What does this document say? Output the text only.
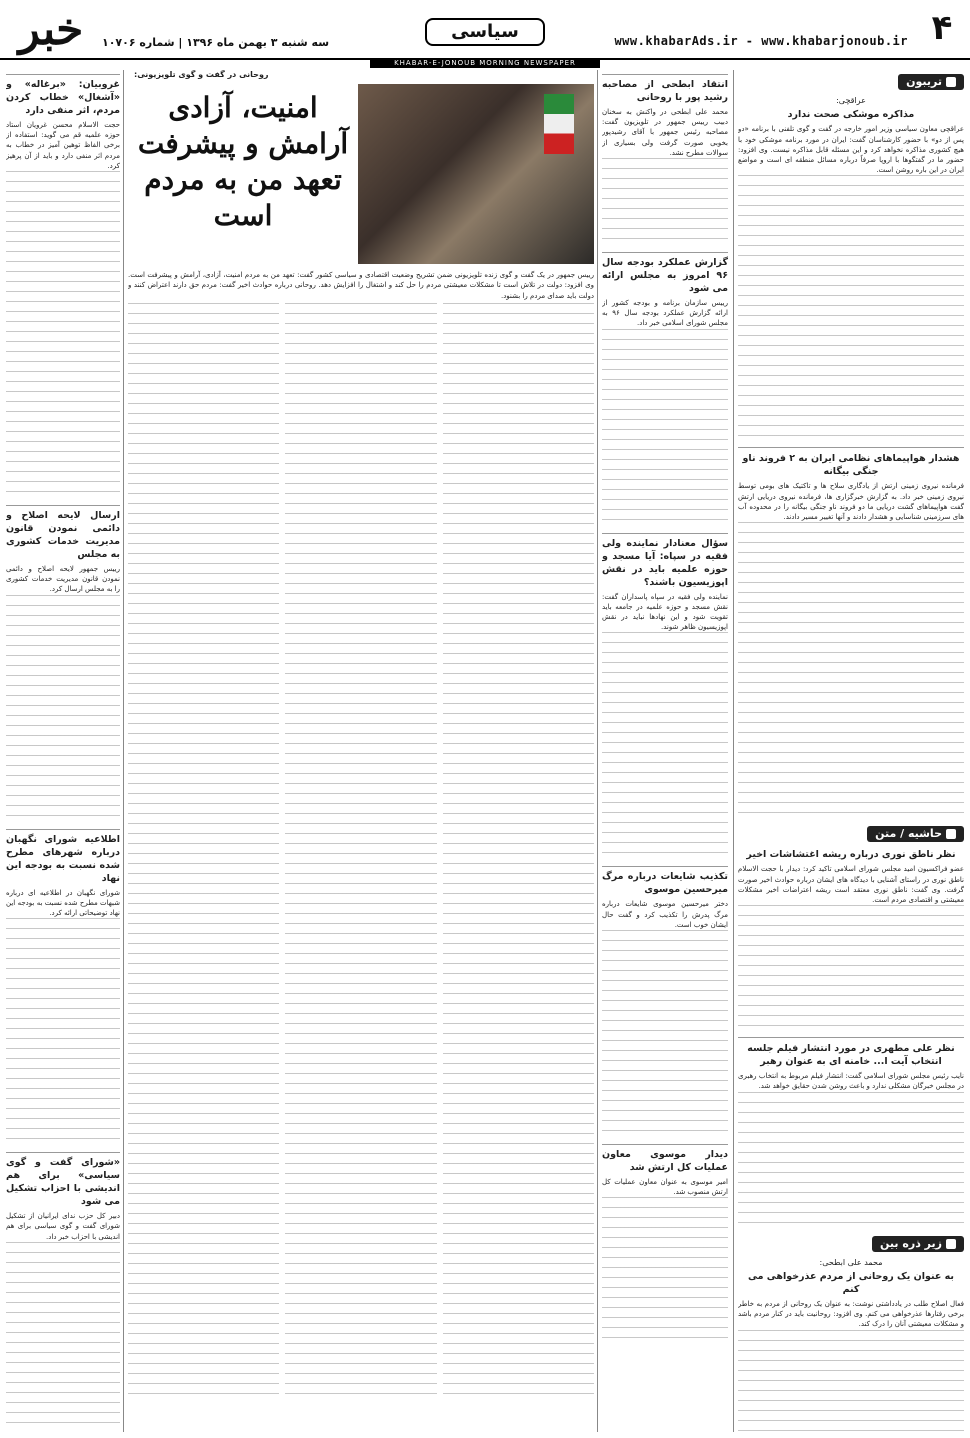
۴
www.khabarAds.ir - www.khabarjonoub.ir
سیاسی
سه شنبه ۳ بهمن ماه ۱۳۹۶ | شماره ۱۰۷۰۶
خبر
KHABAR-E-JONOUB MORNING NEWSPAPER
تریبون
عراقچی:
مذاکره موشکی صحت ندارد
عراقچی معاون سیاسی وزیر امور خارجه در گفت و گوی تلفنی با برنامه «دو پس از دو» با حضور کارشناسان گفت: ایران در مورد برنامه موشکی خود با هیچ کشوری مذاکره نخواهد کرد و این مسئله قابل مذاکره نیست. وی افزود: حضور ما در گفتگوها با اروپا صرفاً درباره مسائل منطقه ای است و مواضع ایران در این باره روشن است.
هشدار هواپیماهای نظامی ایران به ۲ فروند ناو جنگی بیگانه
فرمانده نیروی زمینی ارتش از یادگاری سلاح ها و تاکتیک های بومی توسط نیروی زمینی خبر داد. به گزارش خبرگزاری ها، فرمانده نیروی دریایی ارتش گفت هواپیماهای گشت دریایی ما دو فروند ناو جنگی بیگانه را در محدوده آب های سرزمینی شناسایی و هشدار دادند و آنها تغییر مسیر دادند.
حاشیه / متن
نظر ناطق نوری درباره ریشه اغتشاشات اخیر
عضو فراکسیون امید مجلس شورای اسلامی تاکید کرد: دیدار با حجت الاسلام ناطق نوری در راستای آشنایی با دیدگاه های ایشان درباره حوادث اخیر صورت گرفت. وی گفت: ناطق نوری معتقد است ریشه اعتراضات اخیر مشکلات معیشتی و اقتصادی مردم است.
نظر علی مطهری در مورد انتشار فیلم جلسه انتخاب آیت ا... خامنه ای به عنوان رهبر
نایب رئیس مجلس شورای اسلامی گفت: انتشار فیلم مربوط به انتخاب رهبری در مجلس خبرگان مشکلی ندارد و باعث روشن شدن حقایق خواهد شد.
زیر ذره بین
محمد علی ابطحی:
به عنوان یک روحانی از مردم عذرخواهی می کنم
فعال اصلاح طلب در یادداشتی نوشت: به عنوان یک روحانی از مردم به خاطر برخی رفتارها عذرخواهی می کنم. وی افزود: روحانیت باید در کنار مردم باشد و مشکلات معیشتی آنان را درک کند.
انتقاد ابطحی از مصاحبه رشید پور با روحانی
محمد علی ابطحی در واکنش به سخنان دبیب رییس جمهور در تلویزیون گفت: مصاحبه رئیس جمهور با آقای رشیدپور بخوبی صورت گرفت ولی بسیاری از سوالات مطرح نشد.
گزارش عملکرد بودجه سال ۹۶ امروز به مجلس ارائه می شود
رییس سازمان برنامه و بودجه کشور از ارائه گزارش عملکرد بودجه سال ۹۶ به مجلس شورای اسلامی خبر داد.
سؤال معنادار نماینده ولی فقیه در سپاه: آیا مسجد و حوزه علمیه باید در نقش اپوزیسیون باشند؟
نماینده ولی فقیه در سپاه پاسداران گفت: نقش مسجد و حوزه علمیه در جامعه باید تقویت شود و این نهادها نباید در نقش اپوزیسیون ظاهر شوند.
تکذیب شایعات درباره مرگ میرحسین موسوی
دختر میرحسین موسوی شایعات درباره مرگ پدرش را تکذیب کرد و گفت حال ایشان خوب است.
دیدار موسوی معاون عملیات کل ارتش شد
امیر موسوی به عنوان معاون عملیات کل ارتش منصوب شد.
روحانی در گفت و گوی تلویزیونی:
امنیت، آزادی آرامش و پیشرفت تعهد من به مردم است
رییس جمهور در یک گفت و گوی زنده تلویزیونی ضمن تشریح وضعیت اقتصادی و سیاسی کشور گفت: تعهد من به مردم امنیت، آزادی، آرامش و پیشرفت است. وی افزود: دولت در تلاش است تا مشکلات معیشتی مردم را حل کند و اشتغال را افزایش دهد. روحانی درباره حوادث اخیر گفت: مردم حق دارند اعتراض کنند و دولت باید صدای مردم را بشنود.
غروبیان: «برغاله» و «آشغال» خطاب کردن مردم، اثر منفی دارد
حجت الاسلام محسن غرویان استاد حوزه علمیه قم می گوید: استفاده از برخی الفاظ توهین آمیز در خطاب به مردم اثر منفی دارد و باید از آن پرهیز کرد.
ارسال لایحه اصلاح و دائمی نمودن قانون مدیریت خدمات کشوری به مجلس
رییس جمهور لایحه اصلاح و دائمی نمودن قانون مدیریت خدمات کشوری را به مجلس ارسال کرد.
اطلاعیه شورای نگهبان درباره شهرهای مطرح شده نسبت به بودجه این نهاد
شورای نگهبان در اطلاعیه ای درباره شبهات مطرح شده نسبت به بودجه این نهاد توضیحاتی ارائه کرد.
«شورای گفت و گوی سیاسی» برای هم اندیشی با احزاب تشکیل می شود
دبیر کل حزب ندای ایرانیان از تشکیل شورای گفت و گوی سیاسی برای هم اندیشی با احزاب خبر داد.
